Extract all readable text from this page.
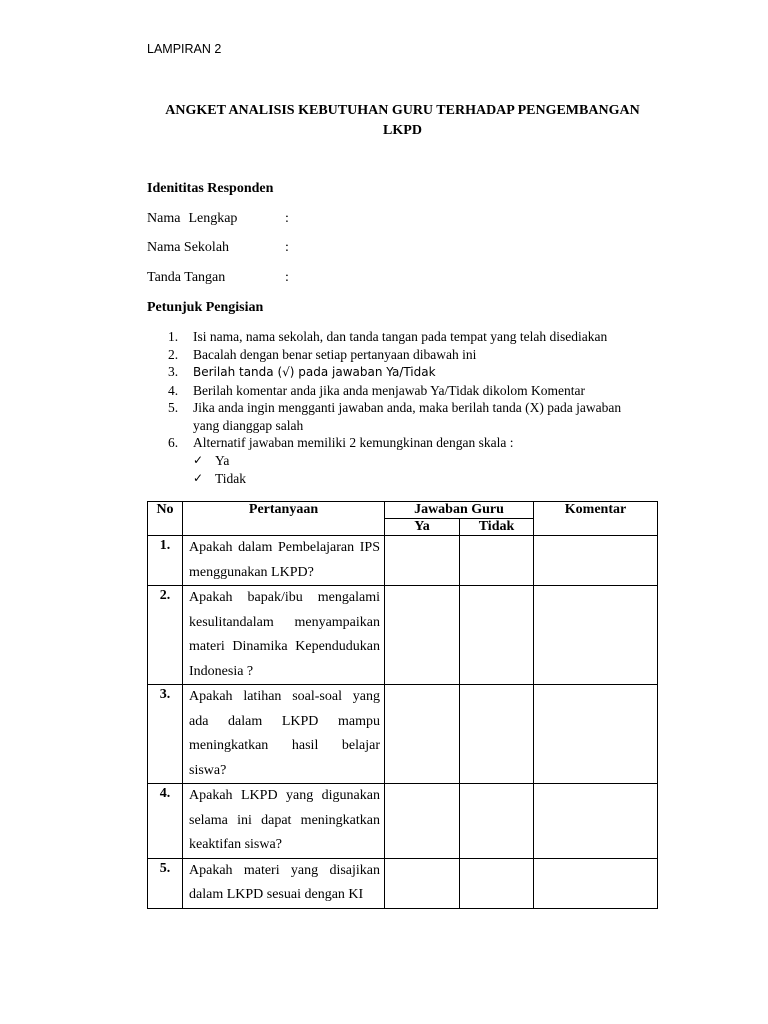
LAMPIRAN 2
ANGKET ANALISIS KEBUTUHAN GURU TERHADAP PENGEMBANGAN
LKPD
Idenititas Responden
Nama Lengkap	:
Nama Sekolah	:
Tanda Tangan	:
Petunjuk Pengisian
1. Isi nama, nama sekolah, dan tanda tangan pada tempat yang telah disediakan
2. Bacalah dengan benar setiap pertanyaan dibawah ini
3. Berilah tanda (√) pada jawaban Ya/Tidak
4. Berilah komentar anda jika anda menjawab Ya/Tidak dikolom Komentar
5. Jika anda ingin mengganti jawaban anda, maka berilah tanda (X) pada jawaban yang dianggap salah
6. Alternatif jawaban memiliki 2 kemungkinan dengan skala :
✓ Ya
✓ Tidak
No	Pertanyaan	Jawaban Guru		Komentar
		Ya	Tidak	
1.	Apakah dalam Pembelajaran IPS menggunakan LKPD?			
2.	Apakah bapak/ibu mengalami kesulitandalam menyampaikan materi Dinamika Kependudukan Indonesia ?			
3.	Apakah latihan soal-soal yang ada dalam LKPD mampu meningkatkan hasil belajar siswa?			
4.	Apakah LKPD yang digunakan selama ini dapat meningkatkan keaktifan siswa?			
5.	Apakah materi yang disajikan dalam LKPD sesuai dengan KI			
